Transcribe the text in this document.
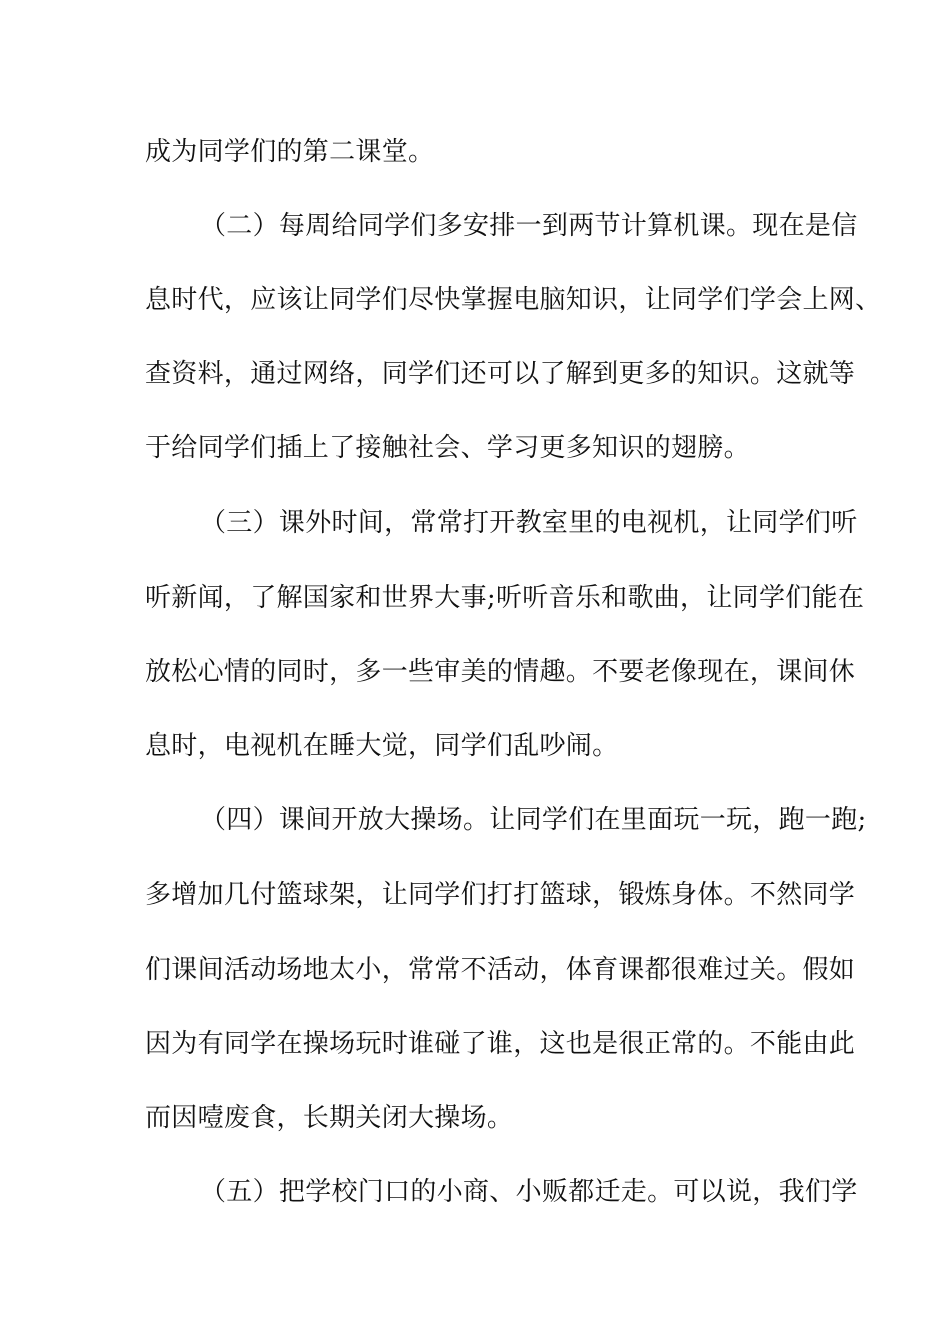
成为同学们的第二课堂。
（二）每周给同学们多安排一到两节计算机课。现在是信
息时代，应该让同学们尽快掌握电脑知识，让同学们学会上网、
查资料，通过网络，同学们还可以了解到更多的知识。这就等
于给同学们插上了接触社会、学习更多知识的翅膀。
（三）课外时间，常常打开教室里的电视机，让同学们听
听新闻，了解国家和世界大事;听听音乐和歌曲，让同学们能在
放松心情的同时，多一些审美的情趣。不要老像现在，课间休
息时，电视机在睡大觉，同学们乱吵闹。
（四）课间开放大操场。让同学们在里面玩一玩，跑一跑;
多增加几付篮球架，让同学们打打篮球，锻炼身体。不然同学
们课间活动场地太小，常常不活动，体育课都很难过关。假如
因为有同学在操场玩时谁碰了谁，这也是很正常的。不能由此
而因噎废食，长期关闭大操场。
（五）把学校门口的小商、小贩都迁走。可以说，我们学
